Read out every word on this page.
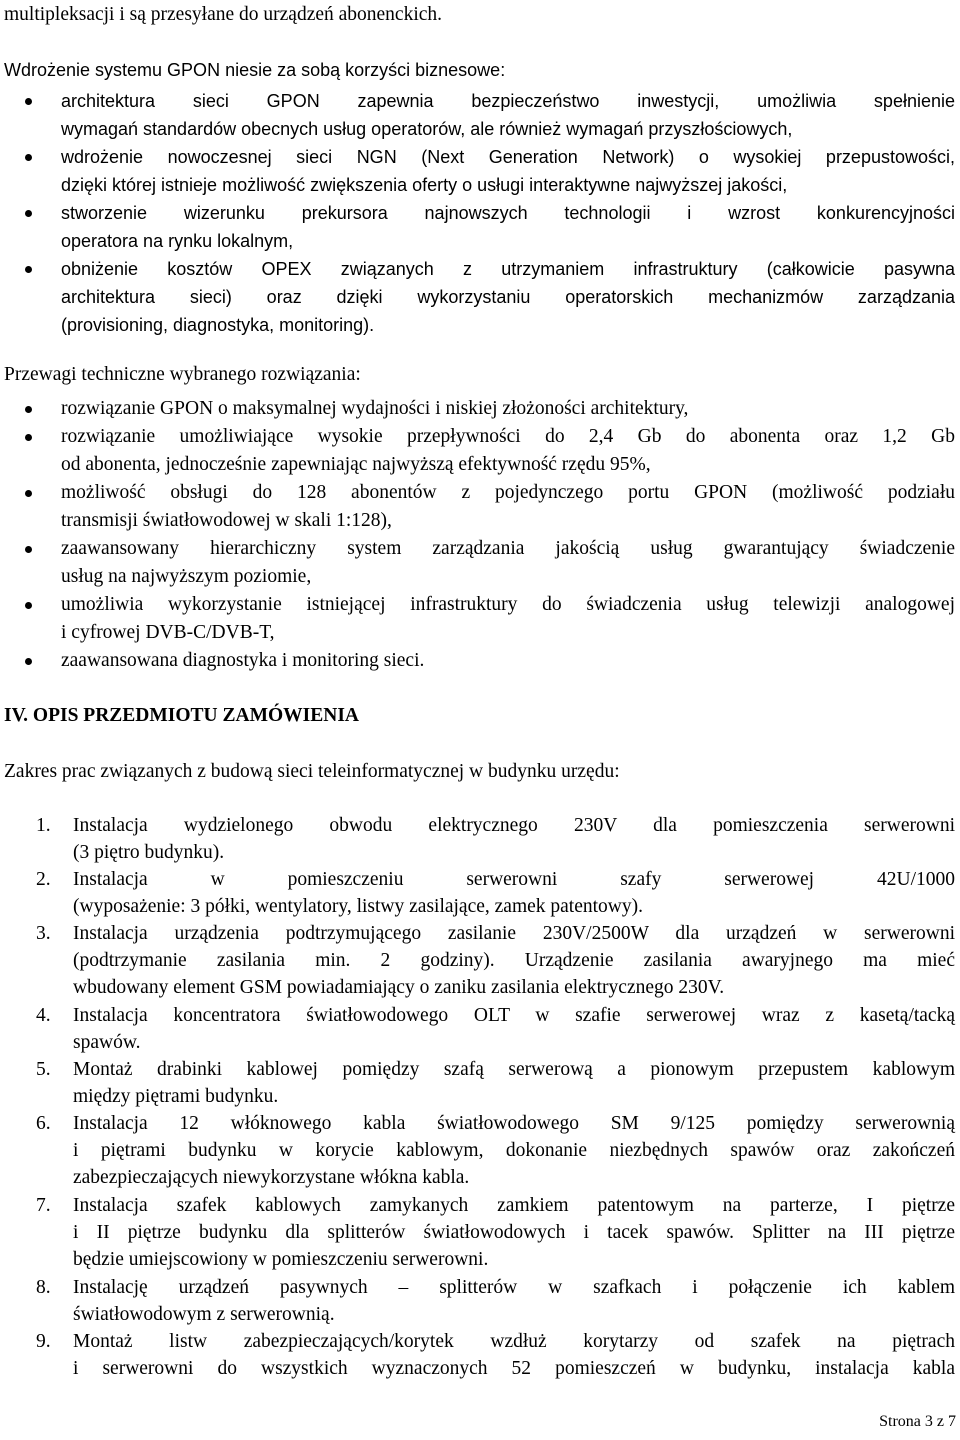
multipleksacji i są przesyłane do urządzeń abonenckich.
Wdrożenie systemu GPON niesie za sobą korzyści biznesowe:
architektura sieci GPON zapewnia bezpieczeństwo inwestycji, umożliwia spełnienie
wymagań standardów obecnych usług operatorów, ale również wymagań przyszłościowych,
wdrożenie nowoczesnej sieci NGN (Next Generation Network) o wysokiej przepustowości,
dzięki której istnieje możliwość zwiększenia oferty o usługi interaktywne najwyższej jakości,
stworzenie wizerunku prekursora najnowszych technologii i wzrost konkurencyjności
operatora na rynku lokalnym,
obniżenie kosztów OPEX związanych z utrzymaniem infrastruktury (całkowicie pasywna
architektura sieci) oraz dzięki wykorzystaniu operatorskich mechanizmów zarządzania
(provisioning, diagnostyka, monitoring).
Przewagi techniczne wybranego rozwiązania:
rozwiązanie GPON o maksymalnej wydajności i niskiej złożoności architektury,
rozwiązanie umożliwiające wysokie przepływności do 2,4 Gb do abonenta oraz 1,2 Gb
od abonenta, jednocześnie zapewniając najwyższą efektywność rzędu 95%,
możliwość obsługi do 128 abonentów z pojedynczego portu GPON (możliwość podziału
transmisji światłowodowej w skali 1:128),
zaawansowany hierarchiczny system zarządzania jakością usług gwarantujący świadczenie
usług na najwyższym poziomie,
umożliwia wykorzystanie istniejącej infrastruktury do świadczenia usług telewizji analogowej
i cyfrowej DVB-C/DVB-T,
zaawansowana diagnostyka i monitoring sieci.
IV. OPIS PRZEDMIOTU ZAMÓWIENIA
Zakres prac związanych z budową sieci teleinformatycznej w budynku urzędu:
1. Instalacja wydzielonego obwodu elektrycznego 230V dla pomieszczenia serwerowni
(3 piętro budynku).
2. Instalacja w pomieszczeniu serwerowni szafy serwerowej 42U/1000
(wyposażenie: 3 półki, wentylatory, listwy zasilające, zamek patentowy).
3. Instalacja urządzenia podtrzymującego zasilanie 230V/2500W dla urządzeń w serwerowni
(podtrzymanie zasilania min. 2 godziny). Urządzenie zasilania awaryjnego ma mieć
wbudowany element GSM powiadamiający o zaniku zasilania elektrycznego 230V.
4. Instalacja koncentratora światłowodowego OLT w szafie serwerowej wraz z kasetą/tacką
spawów.
5. Montaż drabinki kablowej pomiędzy szafą serwerową a pionowym przepustem kablowym
między piętrami budynku.
6. Instalacja 12 włóknowego kabla światłowodowego SM 9/125 pomiędzy serwerownią
i piętrami budynku w korycie kablowym, dokonanie niezbędnych spawów oraz zakończeń
zabezpieczających niewykorzystane włókna kabla.
7. Instalacja szafek kablowych zamykanych zamkiem patentowym na parterze, I piętrze
i II piętrze budynku dla splitterów światłowodowych i tacek spawów. Splitter na III piętrze
będzie umiejscowiony w pomieszczeniu serwerowni.
8. Instalację urządzeń pasywnych – splitterów w szafkach i połączenie ich kablem
światłowodowym z serwerownią.
9. Montaż listw zabezpieczających/korytek wzdłuż korytarzy od szafek na piętrach
i serwerowni do wszystkich wyznaczonych 52 pomieszczeń w budynku, instalacja kabla
Strona 3 z 7
